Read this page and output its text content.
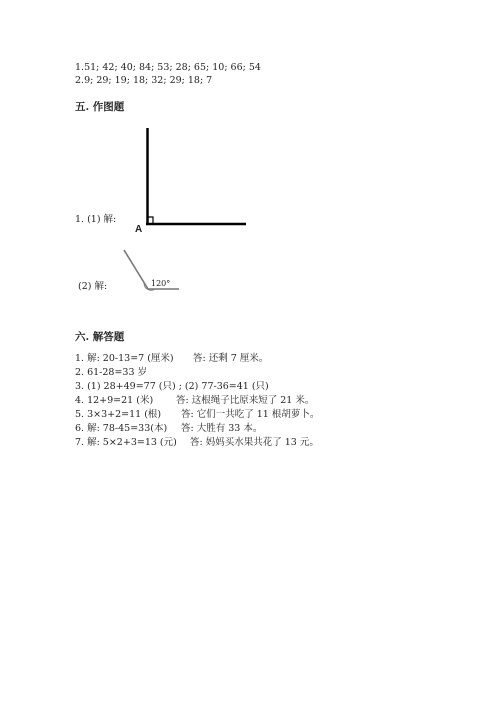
1.51; 42; 40; 84; 53; 28; 65; 10; 66; 54
2.9; 29; 19; 18; 32; 29; 18; 7
五. 作图题
1. (1) 解:
A
(2) 解:	120°
六. 解答题
1. 解: 20-13=7 (厘米) 答: 还剩 7 厘米。
2. 61-28=33 岁
3. (1) 28+49=77 (只) ; (2) 77-36=41 (只)
4. 12+9=21 (米) 答: 这根绳子比原来短了 21 米。
5. 3×3+2=11 (根) 答: 它们一共吃了 11 根胡萝卜。
6. 解: 78-45=33(本) 答: 大胜有 33 本。
7. 解: 5×2+3=13 (元) 答: 妈妈买水果共花了 13 元。
